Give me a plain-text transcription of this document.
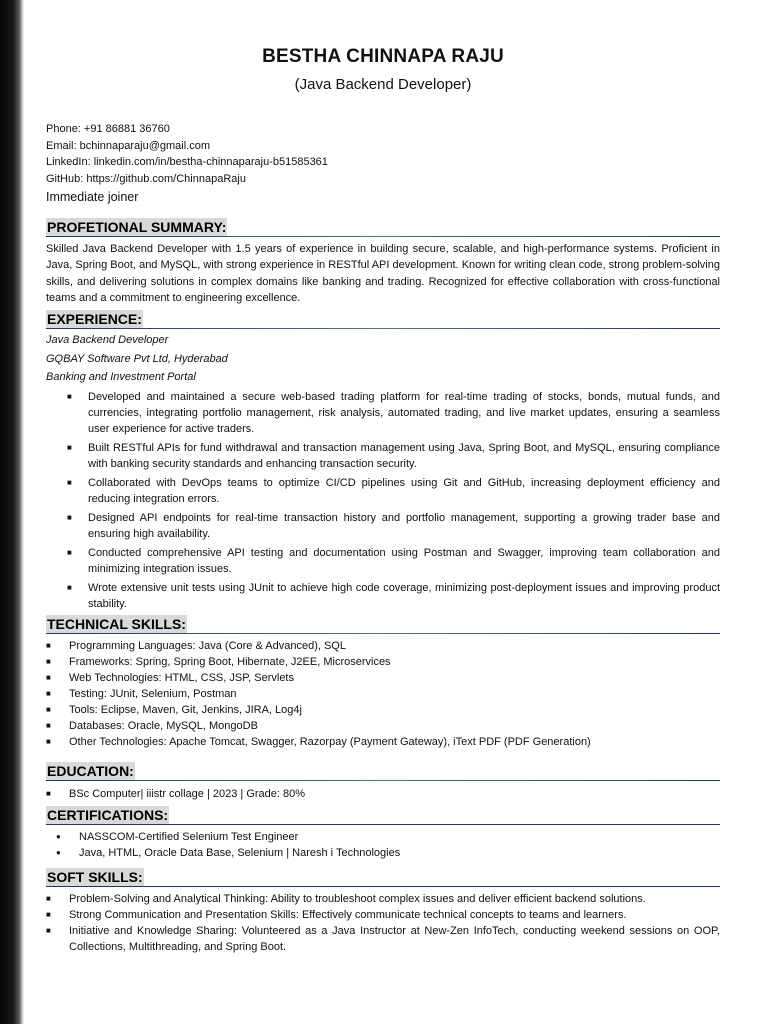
BESTHA CHINNAPA RAJU
(Java Backend Developer)
Phone: +91 86881 36760
Email: bchinnaparaju@gmail.com
LinkedIn: linkedin.com/in/bestha-chinnaparaju-b51585361
GitHub: https://github.com/ChinnapaRaju
Immediate joiner
PROFETIONAL SUMMARY:
Skilled Java Backend Developer with 1.5 years of experience in building secure, scalable, and high-performance systems. Proficient in Java, Spring Boot, and MySQL, with strong experience in RESTful API development. Known for writing clean code, strong problem-solving skills, and delivering solutions in complex domains like banking and trading. Recognized for effective collaboration with cross-functional teams and a commitment to engineering excellence.
EXPERIENCE:
Java Backend Developer
GQBAY Software Pvt Ltd, Hyderabad
Banking and Investment Portal
■ Developed and maintained a secure web-based trading platform for real-time trading of stocks, bonds, mutual funds, and currencies, integrating portfolio management, risk analysis, automated trading, and live market updates, ensuring a seamless user experience for active traders.
■ Built RESTful APIs for fund withdrawal and transaction management using Java, Spring Boot, and MySQL, ensuring compliance with banking security standards and enhancing transaction security.
■ Collaborated with DevOps teams to optimize CI/CD pipelines using Git and GitHub, increasing deployment efficiency and reducing integration errors.
■ Designed API endpoints for real-time transaction history and portfolio management, supporting a growing trader base and ensuring high availability.
■ Conducted comprehensive API testing and documentation using Postman and Swagger, improving team collaboration and minimizing integration issues.
■ Wrote extensive unit tests using JUnit to achieve high code coverage, minimizing post-deployment issues and improving product stability.
TECHNICAL SKILLS:
■ Programming Languages: Java (Core & Advanced), SQL
■ Frameworks: Spring, Spring Boot, Hibernate, J2EE, Microservices
■ Web Technologies: HTML, CSS, JSP, Servlets
■ Testing: JUnit, Selenium, Postman
■ Tools: Eclipse, Maven, Git, Jenkins, JIRA, Log4j
■ Databases: Oracle, MySQL, MongoDB
■ Other Technologies: Apache Tomcat, Swagger, Razorpay (Payment Gateway), iText PDF (PDF Generation)
EDUCATION:
■ BSc Computer| iiistr collage | 2023 | Grade: 80%
CERTIFICATIONS:
● NASSCOM-Certified Selenium Test Engineer
● Java, HTML, Oracle Data Base, Selenium | Naresh i Technologies
SOFT SKILLS:
■ Problem-Solving and Analytical Thinking: Ability to troubleshoot complex issues and deliver efficient backend solutions.
■ Strong Communication and Presentation Skills: Effectively communicate technical concepts to teams and learners.
■ Initiative and Knowledge Sharing: Volunteered as a Java Instructor at New-Zen InfoTech, conducting weekend sessions on OOP, Collections, Multithreading, and Spring Boot.
